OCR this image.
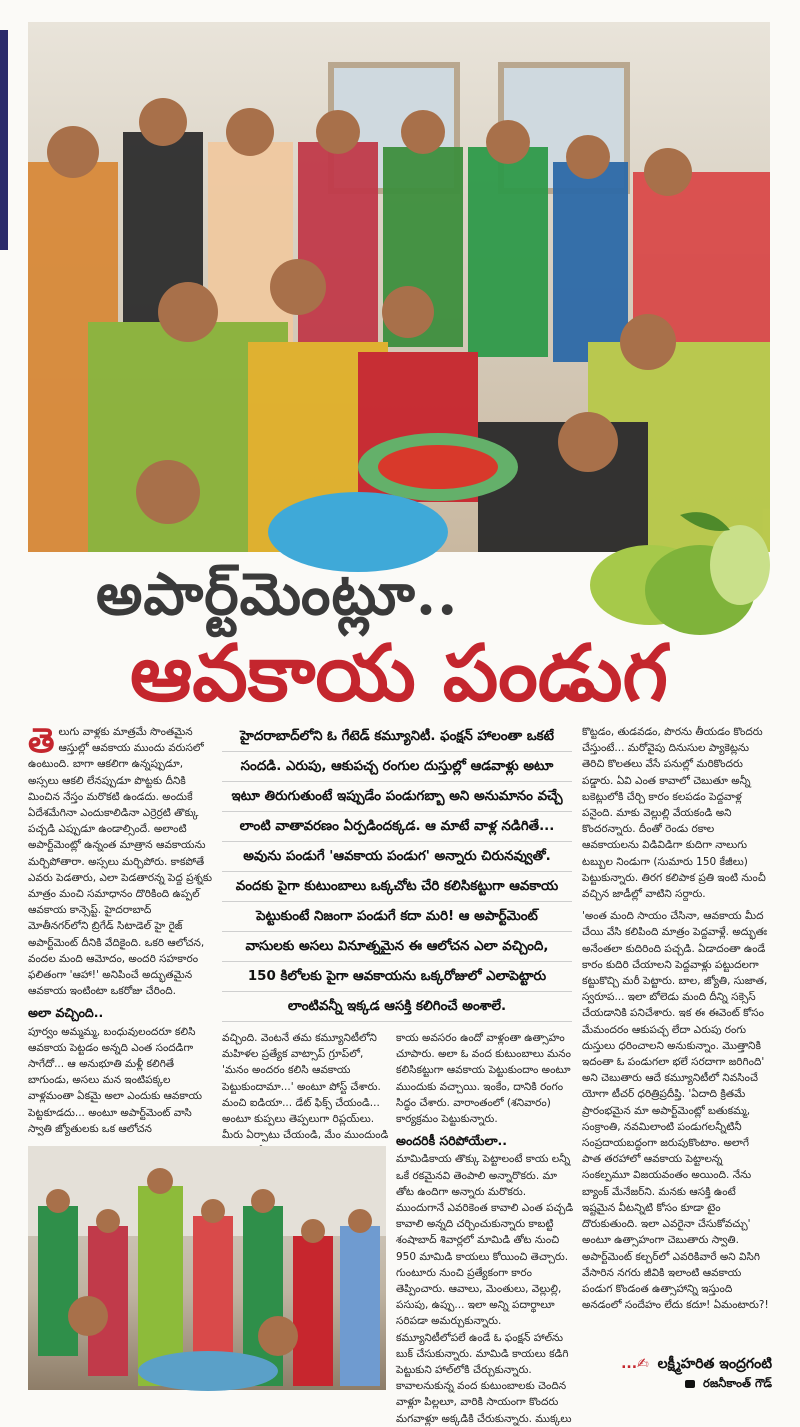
అపార్ట్‌మెంట్లూ..
ఆవకాయ పండుగ

తె లుగు వాళ్లకు మాత్రమే సొంతమైన ఆస్తుల్లో ఆవకాయ ముందు వరుసలో ఉంటుంది. బాగా ఆకలిగా ఉన్నప్పుడూ, అస్సలు ఆకలి లేనప్పుడూ పొట్టకు దీనికి మించిన నేస్తం మరొకటి ఉండదు. అందుకే ఏదేశమేగినా ఎందుకాలిడినా ఎర్రెర్రటి తొక్కు పచ్చడి ఎప్పుడూ ఉండాల్సిందే. అలాంటి అపార్ట్‌మెంట్లో ఉన్నంత మాత్రాన ఆవకాయను మర్చిపోతారా. అస్సలు మర్చిపోరు. కాకపోతే ఎవరు పెడతారు, ఎలా పెడతారన్న పెద్ద ప్రశ్నకు మాత్రం మంచి సమాధానం దొరికింది ఉప్పల్‌ ఆవకాయ కాన్సెప్ట్‌. హైదరాబాద్‌ మోతీనగర్‌లోని బ్రిగేడ్‌ సిటాడెల్‌ హై రైజ్‌ అపార్ట్‌మెంట్‌ దీనికి వేదికైంది. ఒకరి ఆలోచన, వందల మంది ఆమోదం, అందరి సహకారం ఫలితంగా 'ఆహా!' అనిపించే అద్భుతమైన ఆవకాయ ఇంటింటా ఒకరోజు చేరింది.

అలా వచ్చింది..

పూర్వం అమ్మమ్మ, బంధువులందరూ కలిసి ఆవకాయ పెట్టడం అన్నది ఎంత సందడిగా సాగేదో... ఆ అనుభూతి మళ్లీ కలిగితే బాగుండు, అసలు మన ఇంటిపక్కల వాళ్లమంతా ఏకమై అలా ఎందుకు ఆవకాయ పెట్టకూడదు... అంటూ అపార్ట్‌మెంట్‌ వాసి స్వాతి జ్యోతులకు ఒక ఆలోచన

హైదరాబాద్‌లోని ఓ గేటెడ్‌ కమ్యూనిటీ. ఫంక్షన్‌ హాలంతా ఒకటే
సందడి. ఎరుపు, ఆకుపచ్చ రంగుల దుస్తుల్లో ఆడవాళ్లు అటూ
ఇటూ తిరుగుతుంటే ఇప్పుడేం పండుగబ్బా అని అనుమానం వచ్చే
లాంటి వాతావరణం ఏర్పడిందక్కడ. ఆ మాటే వాళ్ల నడిగితే...
అవును పండుగే 'ఆవకాయ పండుగ' అన్నారు చిరునవ్వుతో.
వందకు పైగా కుటుంబాలు ఒక్కచోట చేరి కలిసికట్టుగా ఆవకాయ
పెట్టుకుంటే నిజంగా పండుగే కదా మరి! ఆ అపార్ట్‌మెంట్‌
వాసులకు అసలు వినూత్నమైన ఈ ఆలోచన ఎలా వచ్చింది,
150 కిలోలకు పైగా ఆవకాయను ఒక్కరోజులో ఎలాపెట్టారు
లాంటివన్నీ ఇక్కడ ఆసక్తి కలిగించే అంశాలే.

వచ్చింది. వెంటనే తమ కమ్యూనిటీలోని మహిళల ప్రత్యేక వాట్సాప్‌ గ్రూప్‌లో, 'మనం అందరం కలిసి ఆవకాయ పెట్టుకుందామా...' అంటూ పోస్ట్‌ చేశారు. మంచి ఐడియా... డేట్‌ ఫిక్స్‌ చేయండి... అంటూ కుప్పలు తెప్పలుగా రిప్లయ్‌లు. మీరు ఏర్పాటు చేయండి, మేం ముందుండి

కాయ అవసరం ఉందో వాళ్లంతా ఉత్సాహం చూపారు. అలా ఓ వంద కుటుంబాలు మనం కలిసికట్టుగా ఆవకాయ పెట్టుకుందాం అంటూ ముందుకు వచ్చాయి. ఇంకేం, దానికి రంగం సిద్ధం చేశారు. వారాంతంలో (శనివారం) కార్యక్రమం పెట్టుకున్నారు.

అందరికీ సరిపోయేలా..

మామిడికాయ తొక్కు పెట్టాలంటే కాయ లన్నీ ఒకే రకమైనవి తెంపాలి అన్నారొకరు. మా తోట ఉందిగా అన్నారు మరొకరు. ముందుగానే ఎవరికెంత కావాలి ఎంత పచ్చడి కావాలి అన్నది చర్చించుకున్నారు కాబట్టి శంషాబాద్‌ శివార్లలో మామిడి తోట నుంచి 950 మామిడి కాయలు కోయించి తెచ్చారు. గుంటూరు నుంచి ప్రత్యేకంగా కారం తెప్పించారు. ఆవాలు, మెంతులు, వెల్లుల్లి, పసుపు, ఉప్పు... ఇలా అన్ని పదార్థాలూ సరిపడా అమర్చుకున్నారు. కమ్యూనిటీలోపలే ఉండే ఓ ఫంక్షన్‌ హాల్‌ను బుక్‌ చేసుకున్నారు. మామిడి కాయలు కడిగి పెట్టుకుని హాల్‌లోకి చేర్చుకున్నారు. కావాలనుకున్న వంద కుటుంబాలకు చెందిన వాళ్లూ పిల్లలూ, వారికి సాయంగా కొందరు మగవాళ్లూ అక్కడికి చేరుకున్నారు. ముక్కలు

కొట్టడం, తుడవడం, పొరను తీయడం కొందరు చేస్తుంటే... మరోవైపు దినుసుల ప్యాకెట్లను తెరిచి కొలతలు వేసే పనుల్లో మరికొందరు పడ్డారు. ఏవి ఎంత కావాలో చెబుతూ అన్నీ బకెట్లులోకి చేర్చి కారం కలపడం పెద్దవాళ్ల పనైంది. మాకు వెల్లుల్లి వేయకండి అని కొందరన్నారు. దీంతో రెండు రకాల ఆవకాయలను విడివిడిగా కుదిగా నాలుగు టబ్బుల నిండుగా (సుమారు 150 కేజీలు) పెట్టుకున్నారు. తిరగ కలిపాక ప్రతి ఇంటి నుంచీ వచ్చిన జాడీల్లో వాటిని సర్దారు.

'అంత మంది సాయం చేసినా, ఆవకాయ మీద చేయి వేసి కలిపింది మాత్రం పెద్దవాళ్లే. అద్భుతః అనేంతలా కుదిరింది పచ్చడి. ఏడాదంతా ఉండే కారం కుదిరి చేయాలని పెద్దవాళ్లు పట్టుదలగా కట్టుకొచ్చి మరీ పెట్టారు. బాల, జ్యోతి, సుజాత, స్వరూప... ఇలా బోలెడు మంది దీన్ని సక్సెస్‌ చేయడానికి పనిచేశారు. ఇక ఈ ఈవెంట్‌ కోసం మేమందరం ఆకుపచ్చ లేదా ఎరుపు రంగు దుస్తులు ధరించాలని అనుకున్నాం. మొత్తానికి ఇదంతా ఓ పండుగలా భలే సరదాగా జరిగింది' అని చెబుతారు ఆదే కమ్యూనిటీలో నివసించే యోగా టీచర్‌ ధరిత్రిప్రదీప్తి. 'ఏదాది క్రితమే ప్రారంభమైన మా అపార్ట్‌మెంట్లో బతుకమ్మ, సంక్రాంతి, నవమిలాంటి పండుగలన్నీటినీ సంప్రదాయబద్ధంగా జరుపుకొంటాం. అలాగే పాత తరహాలో ఆవకాయ పెట్టాలన్న సంకల్పమూ విజయవంతం అయింది. నేను బ్యాంక్‌ మేనేజర్‌ని. మనకు ఆసక్తి ఉంటే ఇష్టమైన వీటన్నిటి కోసం కూడా టైం దొరుకుతుంది. ఇలా ఎవరైనా చేసుకోవచ్చు' అంటూ ఉత్సాహంగా చెబుతారు స్వాతి. అపార్ట్‌మెంట్‌ కల్చర్‌లో ఎవరికివారే అని విసిగి వేసారిన నగరు జీవికి ఇలాంటి ఆవకాయ పండుగ కొండంత ఉత్సాహాన్ని ఇస్తుంది అనడంలో సందేహం లేదు కదూ! ఏమంటారు?!

...✍ లక్ష్మీహరిత ఇంద్రగంటి
రజనీకాంత్‌ గౌడ్‌
